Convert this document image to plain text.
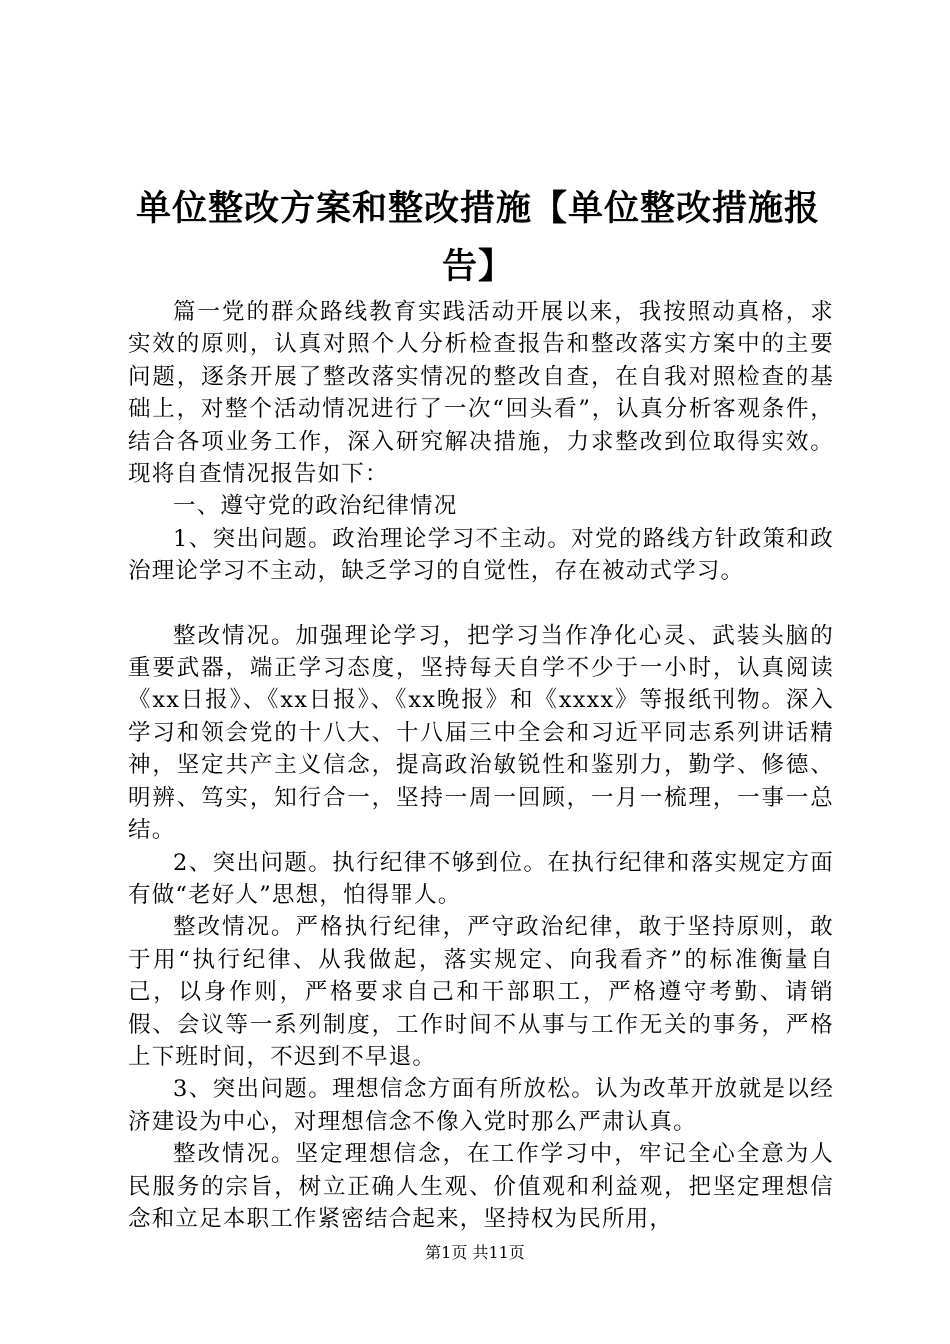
单位整改方案和整改措施【单位整改措施报告】

篇一党的群众路线教育实践活动开展以来，我按照动真格，求实效的原则，认真对照个人分析检查报告和整改落实方案中的主要问题，逐条开展了整改落实情况的整改自查，在自我对照检查的基础上，对整个活动情况进行了一次“回头看”，认真分析客观条件，结合各项业务工作，深入研究解决措施，力求整改到位取得实效。现将自查情况报告如下：

一、遵守党的政治纪律情况

1、突出问题。政治理论学习不主动。对党的路线方针政策和政治理论学习不主动，缺乏学习的自觉性，存在被动式学习。

整改情况。加强理论学习，把学习当作净化心灵、武装头脑的重要武器，端正学习态度，坚持每天自学不少于一小时，认真阅读《xx日报》、《xx日报》、《xx晚报》和《xxxx》等报纸刊物。深入学习和领会党的十八大、十八届三中全会和习近平同志系列讲话精神，坚定共产主义信念，提高政治敏锐性和鉴别力，勤学、修德、明辨、笃实，知行合一，坚持一周一回顾，一月一梳理，一事一总结。

2、突出问题。执行纪律不够到位。在执行纪律和落实规定方面有做“老好人”思想，怕得罪人。

整改情况。严格执行纪律，严守政治纪律，敢于坚持原则，敢于用“执行纪律、从我做起，落实规定、向我看齐”的标准衡量自己，以身作则，严格要求自己和干部职工，严格遵守考勤、请销假、会议等一系列制度，工作时间不从事与工作无关的事务，严格上下班时间，不迟到不早退。

3、突出问题。理想信念方面有所放松。认为改革开放就是以经济建设为中心，对理想信念不像入党时那么严肃认真。

整改情况。坚定理想信念，在工作学习中，牢记全心全意为人民服务的宗旨，树立正确人生观、价值观和利益观，把坚定理想信念和立足本职工作紧密结合起来，坚持权为民所用，

第1页 共11页
